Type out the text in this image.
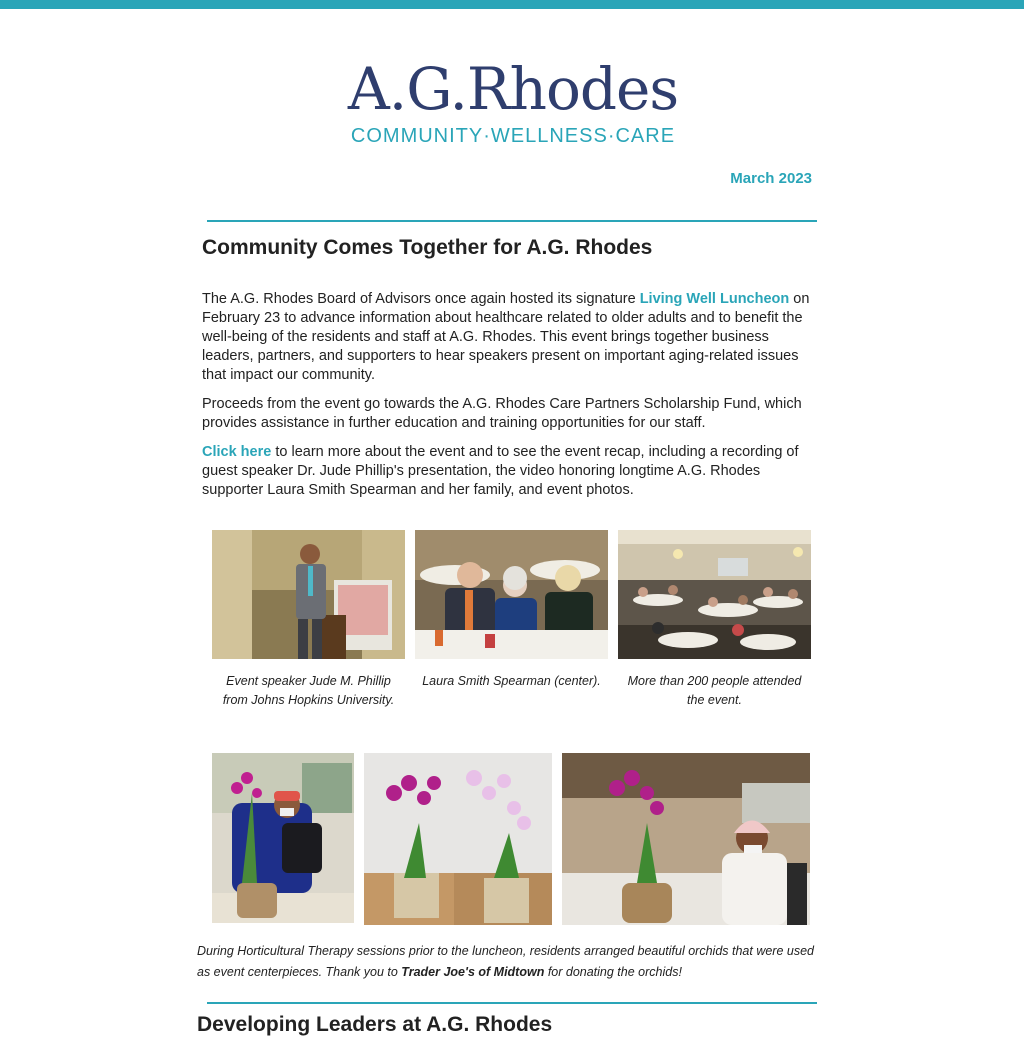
A.G.Rhodes
COMMUNITY·WELLNESS·CARE
March 2023
Community Comes Together for A.G. Rhodes

The A.G. Rhodes Board of Advisors once again hosted its signature Living Well Luncheon on February 23 to advance information about healthcare related to older adults and to benefit the well-being of the residents and staff at A.G. Rhodes. This event brings together business leaders, partners, and supporters to hear speakers present on important aging-related issues that impact our community.

Proceeds from the event go towards the A.G. Rhodes Care Partners Scholarship Fund, which provides assistance in further education and training opportunities for our staff.

Click here to learn more about the event and to see the event recap, including a recording of guest speaker Dr. Jude Phillip's presentation, the video honoring longtime A.G. Rhodes supporter Laura Smith Spearman and her family, and event photos.

Event speaker Jude M. Phillip from Johns Hopkins University.
Laura Smith Spearman (center).	More than 200 people attended the event.
During Horticultural Therapy sessions prior to the luncheon, residents arranged beautiful orchids that were used as event centerpieces. Thank you to Trader Joe's of Midtown for donating the orchids!
Developing Leaders at A.G. Rhodes
